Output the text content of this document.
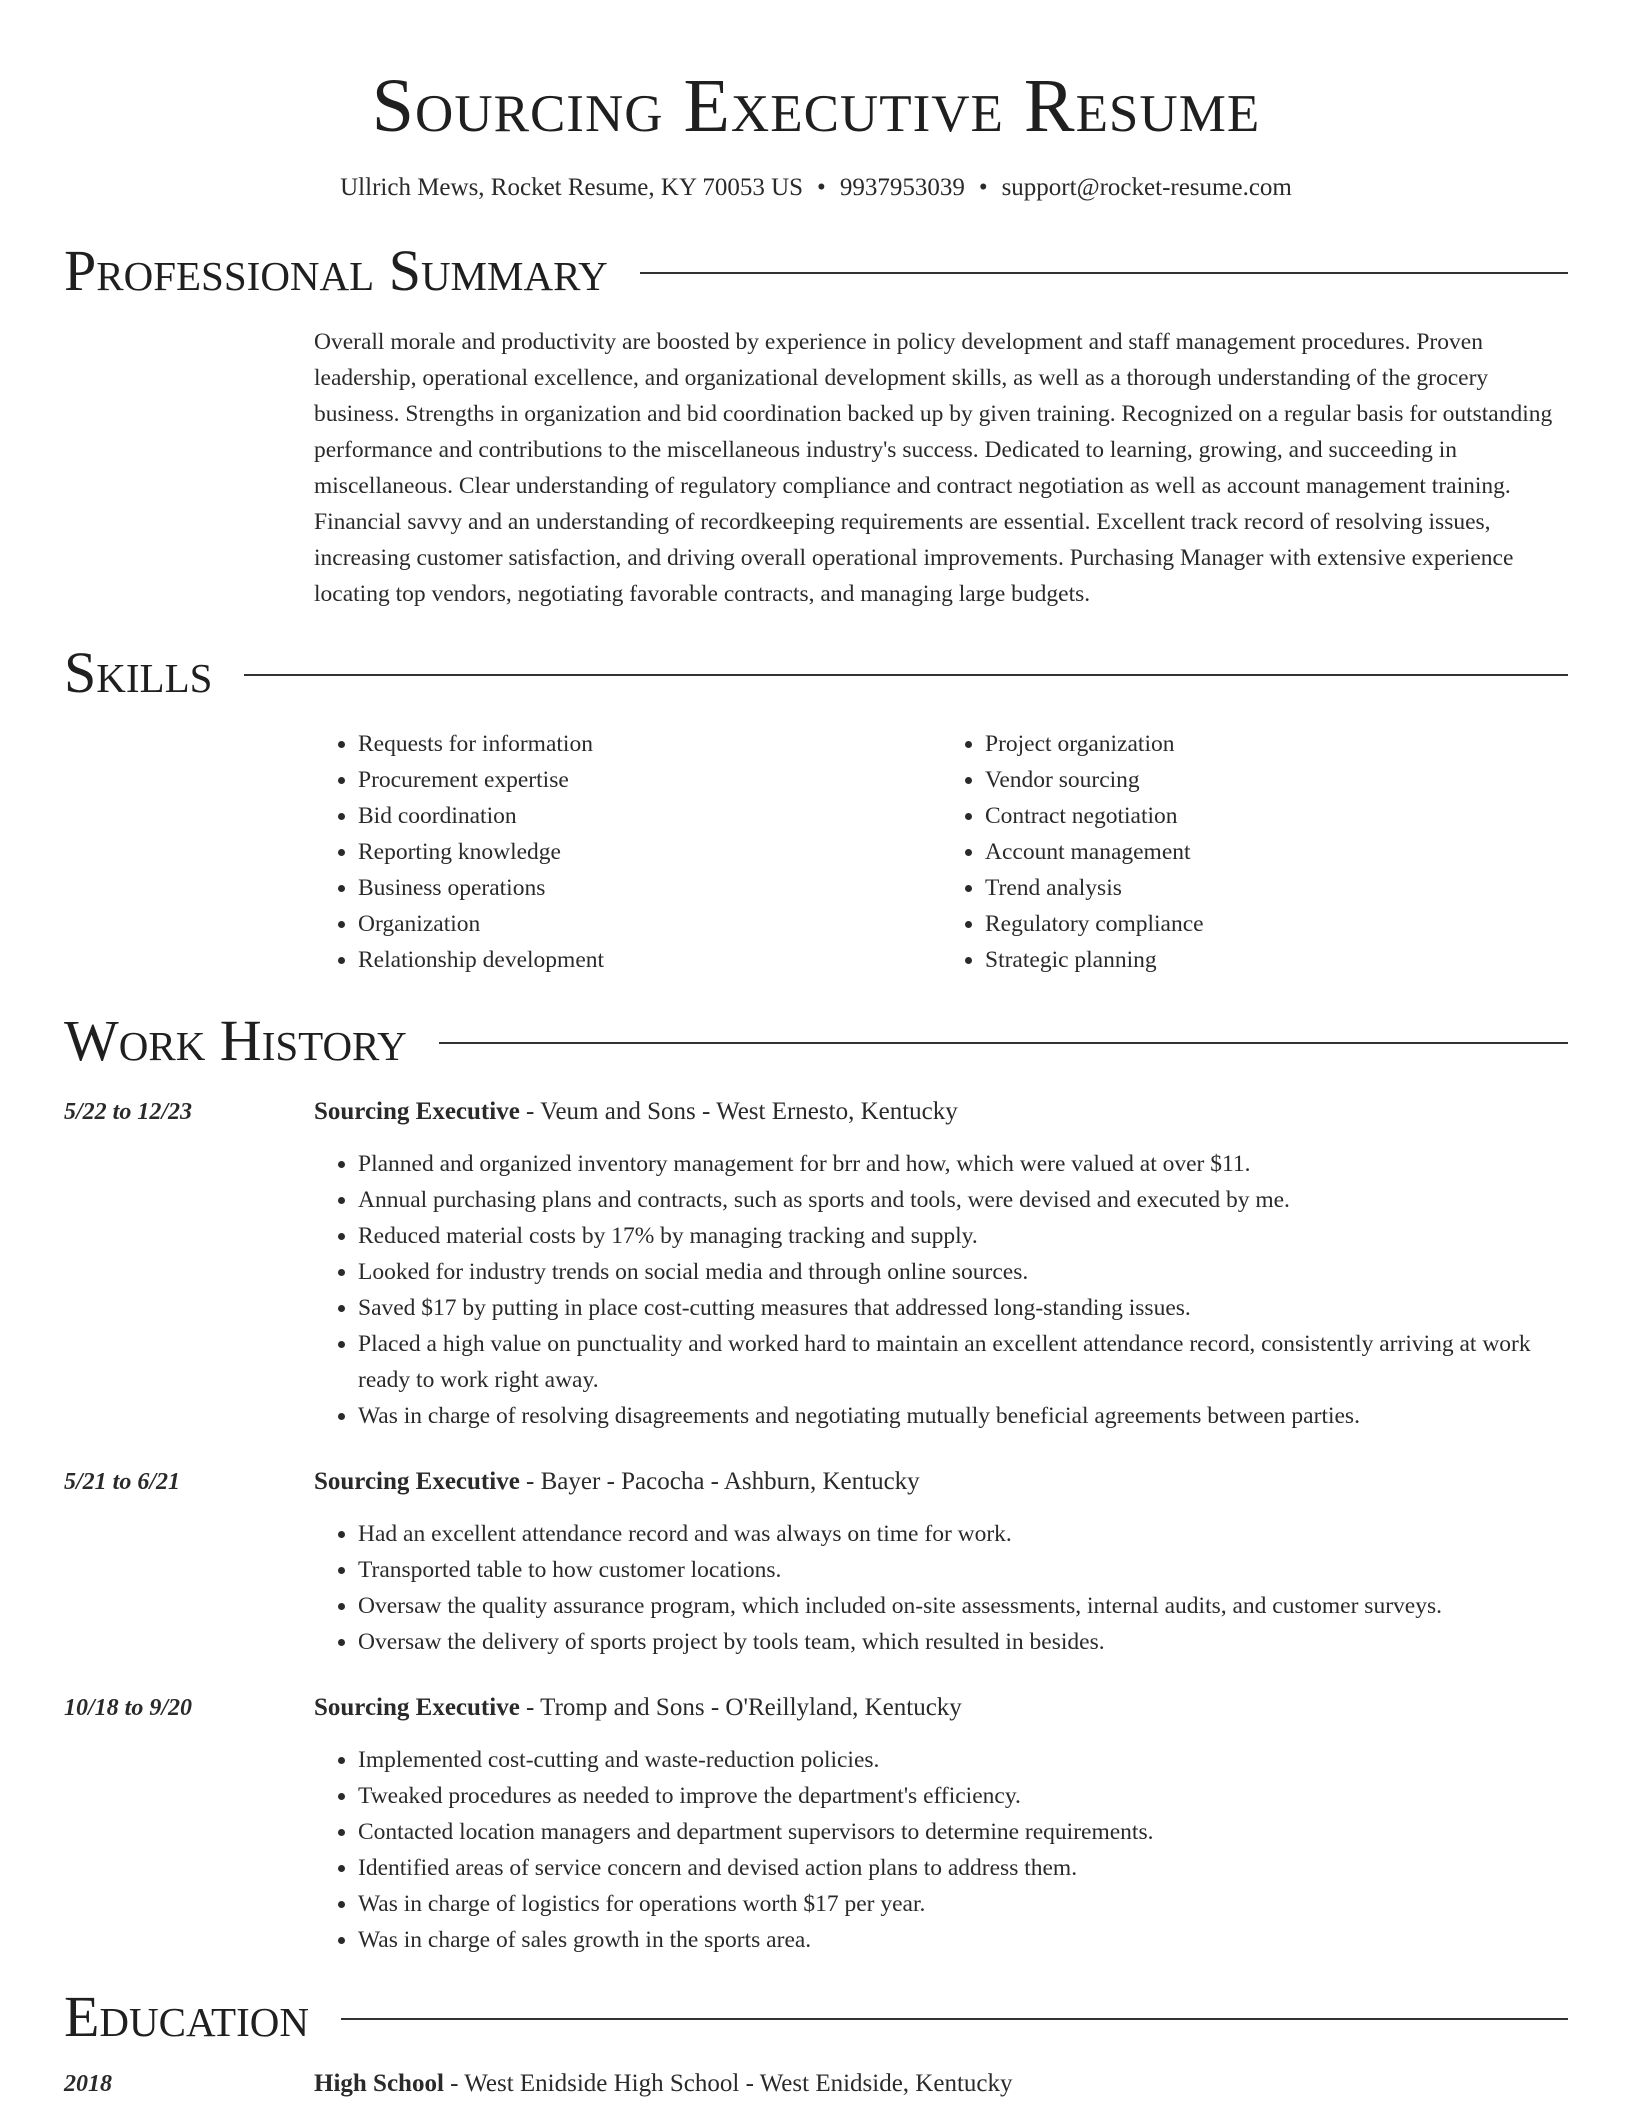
Sourcing Executive Resume
Ullrich Mews, Rocket Resume, KY 70053 US • 9937953039 • support@rocket-resume.com
Professional Summary

Overall morale and productivity are boosted by experience in policy development and staff management procedures. Proven leadership, operational excellence, and organizational development skills, as well as a thorough understanding of the grocery business. Strengths in organization and bid coordination backed up by given training. Recognized on a regular basis for outstanding performance and contributions to the miscellaneous industry's success. Dedicated to learning, growing, and succeeding in miscellaneous. Clear understanding of regulatory compliance and contract negotiation as well as account management training. Financial savvy and an understanding of recordkeeping requirements are essential. Excellent track record of resolving issues, increasing customer satisfaction, and driving overall operational improvements. Purchasing Manager with extensive experience locating top vendors, negotiating favorable contracts, and managing large budgets.

Skills
• Requests for information
• Procurement expertise
• Bid coordination
• Reporting knowledge
• Business operations
• Organization
• Relationship development
• Project organization
• Vendor sourcing
• Contract negotiation
• Account management
• Trend analysis
• Regulatory compliance
• Strategic planning
Work History
5/22 to 12/23	Sourcing Executive - Veum and Sons - West Ernesto, Kentucky
• Planned and organized inventory management for brr and how, which were valued at over $11.
• Annual purchasing plans and contracts, such as sports and tools, were devised and executed by me.
• Reduced material costs by 17% by managing tracking and supply.
• Looked for industry trends on social media and through online sources.
• Saved $17 by putting in place cost-cutting measures that addressed long-standing issues.
• Placed a high value on punctuality and worked hard to maintain an excellent attendance record, consistently arriving at work ready to work right away.
• Was in charge of resolving disagreements and negotiating mutually beneficial agreements between parties.
5/21 to 6/21	Sourcing Executive - Bayer - Pacocha - Ashburn, Kentucky
• Had an excellent attendance record and was always on time for work.
• Transported table to how customer locations.
• Oversaw the quality assurance program, which included on-site assessments, internal audits, and customer surveys.
• Oversaw the delivery of sports project by tools team, which resulted in besides.
10/18 to 9/20	Sourcing Executive - Tromp and Sons - O'Reillyland, Kentucky
• Implemented cost-cutting and waste-reduction policies.
• Tweaked procedures as needed to improve the department's efficiency.
• Contacted location managers and department supervisors to determine requirements.
• Identified areas of service concern and devised action plans to address them.
• Was in charge of logistics for operations worth $17 per year.
• Was in charge of sales growth in the sports area.
Education
2018	High School - West Enidside High School - West Enidside, Kentucky
